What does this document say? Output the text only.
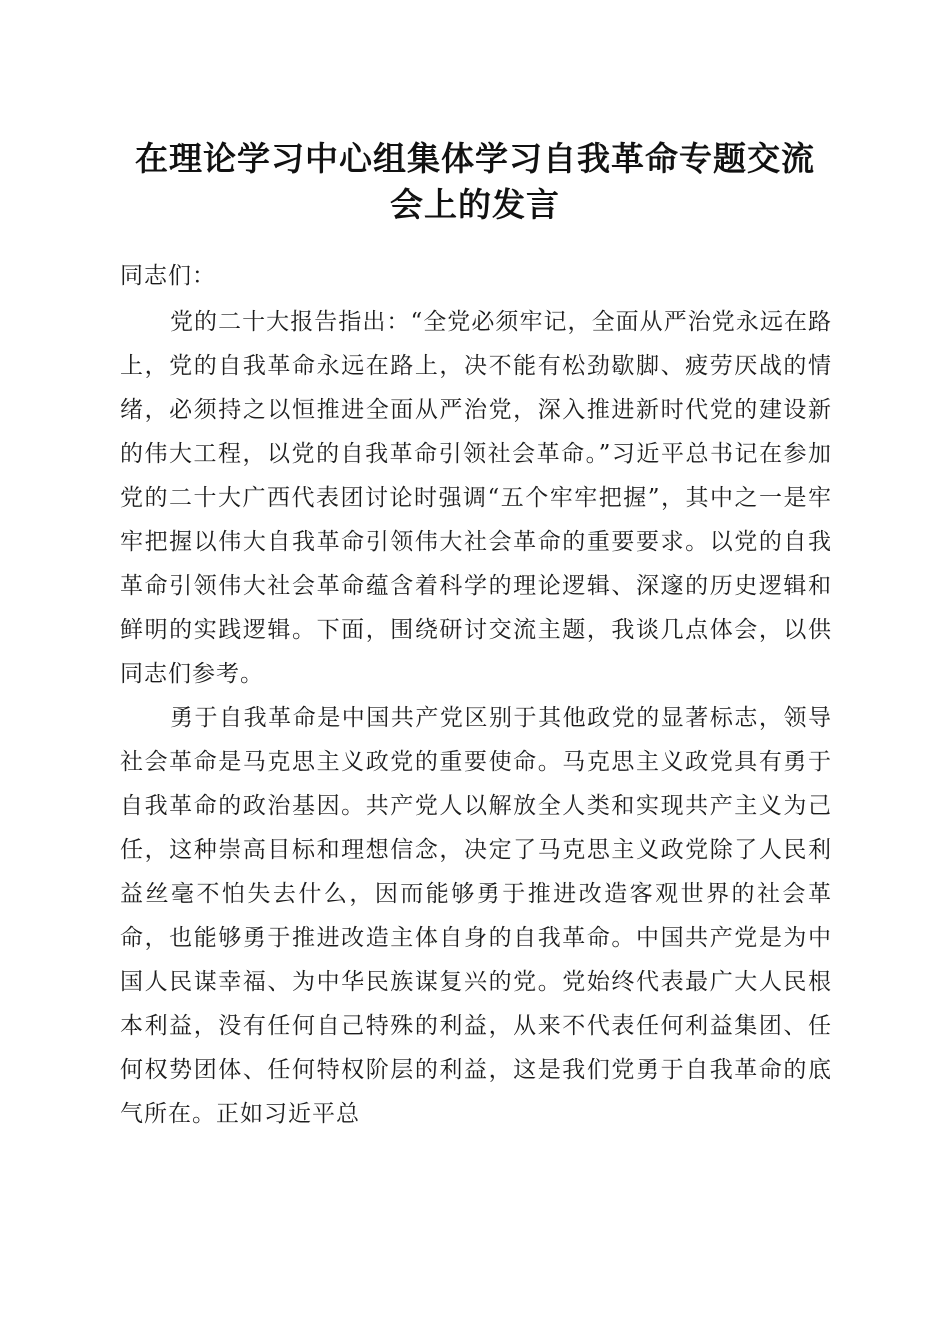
在理论学习中心组集体学习自我革命专题交流
会上的发言

同志们：

党的二十大报告指出：“全党必须牢记，全面从严治党永远在路上，党的自我革命永远在路上，决不能有松劲歇脚、疲劳厌战的情绪，必须持之以恒推进全面从严治党，深入推进新时代党的建设新的伟大工程，以党的自我革命引领社会革命。”习近平总书记在参加党的二十大广西代表团讨论时强调“五个牢牢把握”，其中之一是牢牢把握以伟大自我革命引领伟大社会革命的重要要求。以党的自我革命引领伟大社会革命蕴含着科学的理论逻辑、深邃的历史逻辑和鲜明的实践逻辑。下面，围绕研讨交流主题，我谈几点体会，以供同志们参考。

勇于自我革命是中国共产党区别于其他政党的显著标志，领导社会革命是马克思主义政党的重要使命。马克思主义政党具有勇于自我革命的政治基因。共产党人以解放全人类和实现共产主义为己任，这种崇高目标和理想信念，决定了马克思主义政党除了人民利益丝毫不怕失去什么，因而能够勇于推进改造客观世界的社会革命，也能够勇于推进改造主体自身的自我革命。中国共产党是为中国人民谋幸福、为中华民族谋复兴的党。党始终代表最广大人民根本利益，没有任何自己特殊的利益，从来不代表任何利益集团、任何权势团体、任何特权阶层的利益，这是我们党勇于自我革命的底气所在。正如习近平总
